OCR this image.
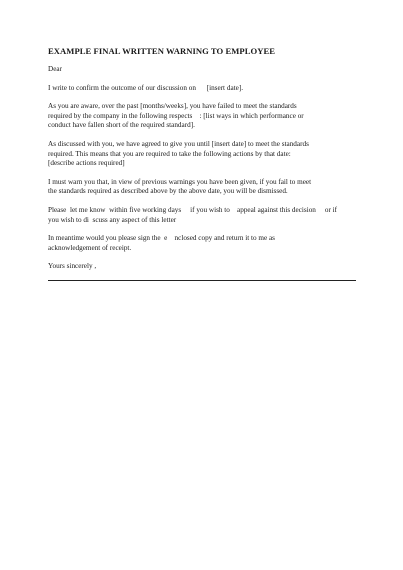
EXAMPLE FINAL WRITTEN WARNING TO EMPLOYEE
Dear
I write to confirm the outcome of our discussion on      [insert date].
As you are aware, over the past [months/weeks], you have failed to meet the standards
required by the company in the following respects    : [list ways in which performance or
conduct have fallen short of the required standard].
As discussed with you, we have agreed to give you until [insert date] to meet the standards
required. This means that you are required to take the following actions by that date:
[describe actions required]
I must warn you that, in view of previous warnings you have been given, if you fail to meet
the standards required as described above by the above date, you will be dismissed.
Please  let me know  within five working days     if you wish to    appeal against this decision     or if
you wish to di  scuss any aspect of this letter
In meantime would you please sign the  e    nclosed copy and return it to me as
acknowledgement of receipt.
Yours sincerely ,
